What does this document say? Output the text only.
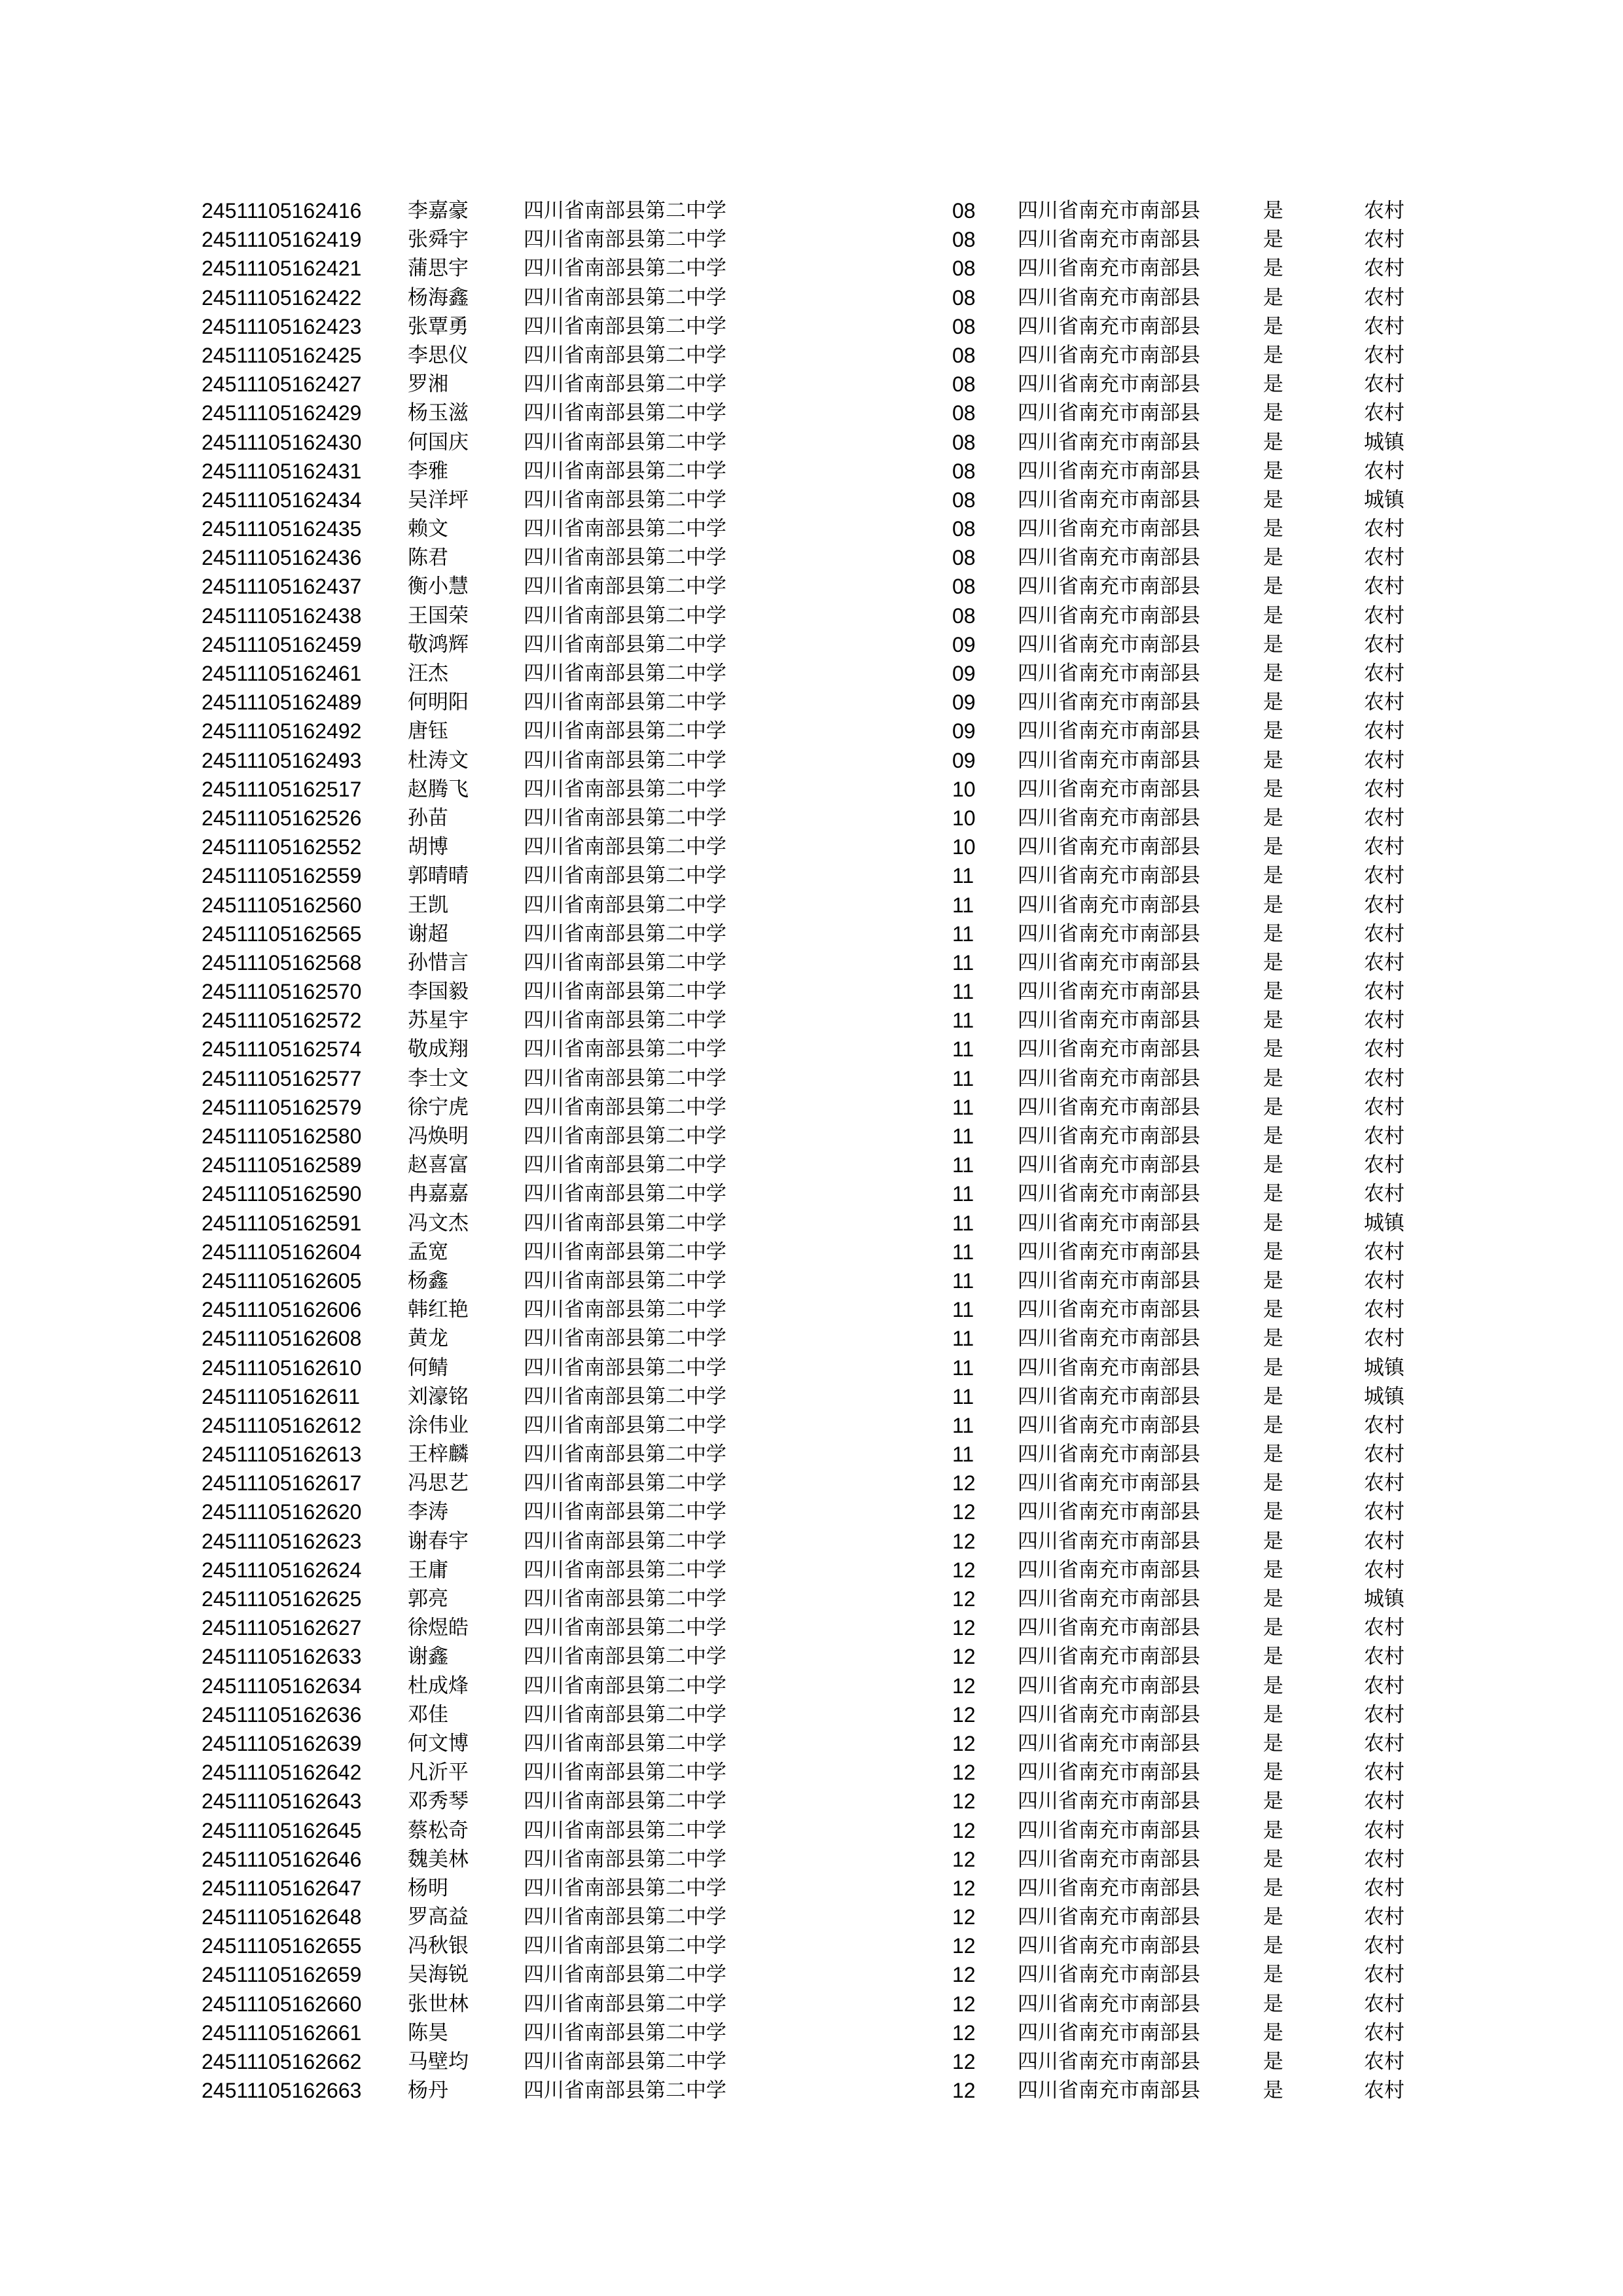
24511105162416 李嘉豪	四川省南部县第二中学	08 四川省南充市南部县	是	农村
24511105162419 张舜宇	四川省南部县第二中学	08 四川省南充市南部县	是	农村
24511105162421 蒲思宇	四川省南部县第二中学	08 四川省南充市南部县	是	农村
24511105162422 杨海鑫	四川省南部县第二中学	08 四川省南充市南部县	是	农村
24511105162423 张覃勇	四川省南部县第二中学	08 四川省南充市南部县	是	农村
24511105162425 李思仪	四川省南部县第二中学	08 四川省南充市南部县	是	农村
24511105162427 罗湘	四川省南部县第二中学	08 四川省南充市南部县	是	农村
24511105162429 杨玉滋	四川省南部县第二中学	08 四川省南充市南部县	是	农村
24511105162430 何国庆	四川省南部县第二中学	08 四川省南充市南部县	是	城镇
24511105162431 李雅	四川省南部县第二中学	08 四川省南充市南部县	是	农村
24511105162434 吴洋坪	四川省南部县第二中学	08 四川省南充市南部县	是	城镇
24511105162435 赖文	四川省南部县第二中学	08 四川省南充市南部县	是	农村
24511105162436 陈君	四川省南部县第二中学	08 四川省南充市南部县	是	农村
24511105162437 衡小慧	四川省南部县第二中学	08 四川省南充市南部县	是	农村
24511105162438 王国荣	四川省南部县第二中学	08 四川省南充市南部县	是	农村
24511105162459 敬鸿辉	四川省南部县第二中学	09 四川省南充市南部县	是	农村
24511105162461 汪杰	四川省南部县第二中学	09 四川省南充市南部县	是	农村
24511105162489 何明阳	四川省南部县第二中学	09 四川省南充市南部县	是	农村
24511105162492 唐钰	四川省南部县第二中学	09 四川省南充市南部县	是	农村
24511105162493 杜涛文	四川省南部县第二中学	09 四川省南充市南部县	是	农村
24511105162517 赵腾飞	四川省南部县第二中学	10 四川省南充市南部县	是	农村
24511105162526 孙苗	四川省南部县第二中学	10 四川省南充市南部县	是	农村
24511105162552 胡博	四川省南部县第二中学	10 四川省南充市南部县	是	农村
24511105162559 郭晴晴	四川省南部县第二中学	11 四川省南充市南部县	是	农村
24511105162560 王凯	四川省南部县第二中学	11 四川省南充市南部县	是	农村
24511105162565 谢超	四川省南部县第二中学	11 四川省南充市南部县	是	农村
24511105162568 孙惜言	四川省南部县第二中学	11 四川省南充市南部县	是	农村
24511105162570 李国毅	四川省南部县第二中学	11 四川省南充市南部县	是	农村
24511105162572 苏星宇	四川省南部县第二中学	11 四川省南充市南部县	是	农村
24511105162574 敬成翔	四川省南部县第二中学	11 四川省南充市南部县	是	农村
24511105162577 李士文	四川省南部县第二中学	11 四川省南充市南部县	是	农村
24511105162579 徐宁虎	四川省南部县第二中学	11 四川省南充市南部县	是	农村
24511105162580 冯焕明	四川省南部县第二中学	11 四川省南充市南部县	是	农村
24511105162589 赵喜富	四川省南部县第二中学	11 四川省南充市南部县	是	农村
24511105162590 冉嘉嘉	四川省南部县第二中学	11 四川省南充市南部县	是	农村
24511105162591 冯文杰	四川省南部县第二中学	11 四川省南充市南部县	是	城镇
24511105162604 孟宽	四川省南部县第二中学	11 四川省南充市南部县	是	农村
24511105162605 杨鑫	四川省南部县第二中学	11 四川省南充市南部县	是	农村
24511105162606 韩红艳	四川省南部县第二中学	11 四川省南充市南部县	是	农村
24511105162608 黄龙	四川省南部县第二中学	11 四川省南充市南部县	是	农村
24511105162610 何鲭	四川省南部县第二中学	11 四川省南充市南部县	是	城镇
24511105162611 刘濠铭	四川省南部县第二中学	11 四川省南充市南部县	是	城镇
24511105162612 涂伟业	四川省南部县第二中学	11 四川省南充市南部县	是	农村
24511105162613 王梓麟	四川省南部县第二中学	11 四川省南充市南部县	是	农村
24511105162617 冯思艺	四川省南部县第二中学	12 四川省南充市南部县	是	农村
24511105162620 李涛	四川省南部县第二中学	12 四川省南充市南部县	是	农村
24511105162623 谢春宇	四川省南部县第二中学	12 四川省南充市南部县	是	农村
24511105162624 王庸	四川省南部县第二中学	12 四川省南充市南部县	是	农村
24511105162625 郭亮	四川省南部县第二中学	12 四川省南充市南部县	是	城镇
24511105162627 徐煜皓	四川省南部县第二中学	12 四川省南充市南部县	是	农村
24511105162633 谢鑫	四川省南部县第二中学	12 四川省南充市南部县	是	农村
24511105162634 杜成烽	四川省南部县第二中学	12 四川省南充市南部县	是	农村
24511105162636 邓佳	四川省南部县第二中学	12 四川省南充市南部县	是	农村
24511105162639 何文博	四川省南部县第二中学	12 四川省南充市南部县	是	农村
24511105162642 凡沂平	四川省南部县第二中学	12 四川省南充市南部县	是	农村
24511105162643 邓秀琴	四川省南部县第二中学	12 四川省南充市南部县	是	农村
24511105162645 蔡松奇	四川省南部县第二中学	12 四川省南充市南部县	是	农村
24511105162646 魏美林	四川省南部县第二中学	12 四川省南充市南部县	是	农村
24511105162647 杨明	四川省南部县第二中学	12 四川省南充市南部县	是	农村
24511105162648 罗高益	四川省南部县第二中学	12 四川省南充市南部县	是	农村
24511105162655 冯秋银	四川省南部县第二中学	12 四川省南充市南部县	是	农村
24511105162659 吴海锐	四川省南部县第二中学	12 四川省南充市南部县	是	农村
24511105162660 张世林	四川省南部县第二中学	12 四川省南充市南部县	是	农村
24511105162661 陈昊	四川省南部县第二中学	12 四川省南充市南部县	是	农村
24511105162662 马壁均	四川省南部县第二中学	12 四川省南充市南部县	是	农村
24511105162663 杨丹	四川省南部县第二中学	12 四川省南充市南部县	是	农村
